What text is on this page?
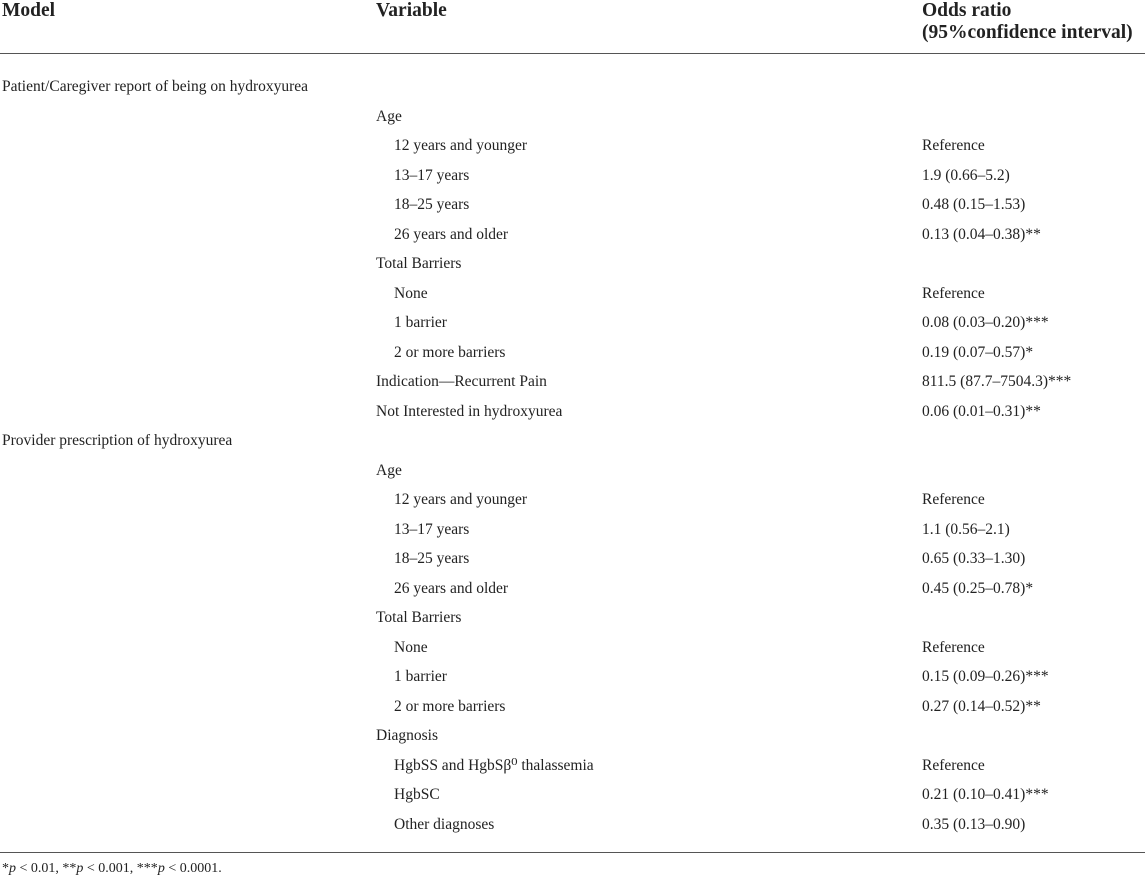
Model	Variable	Odds ratio
(95%confidence interval)
Patient/Caregiver report of being on hydroxyurea
Age
12 years and younger	Reference
13–17 years	1.9 (0.66–5.2)
18–25 years	0.48 (0.15–1.53)
26 years and older	0.13 (0.04–0.38)**
Total Barriers
None	Reference
1 barrier	0.08 (0.03–0.20)***
2 or more barriers	0.19 (0.07–0.57)*
Indication—Recurrent Pain	811.5 (87.7–7504.3)***
Not Interested in hydroxyurea	0.06 (0.01–0.31)**
Provider prescription of hydroxyurea
Age
12 years and younger	Reference
13–17 years	1.1 (0.56–2.1)
18–25 years	0.65 (0.33–1.30)
26 years and older	0.45 (0.25–0.78)*
Total Barriers
None	Reference
1 barrier	0.15 (0.09–0.26)***
2 or more barriers	0.27 (0.14–0.52)**
Diagnosis
HgbSS and HgbSβ⁰ thalassemia	Reference
HgbSC	0.21 (0.10–0.41)***
Other diagnoses	0.35 (0.13–0.90)
*p < 0.01, **p < 0.001, ***p < 0.0001.
